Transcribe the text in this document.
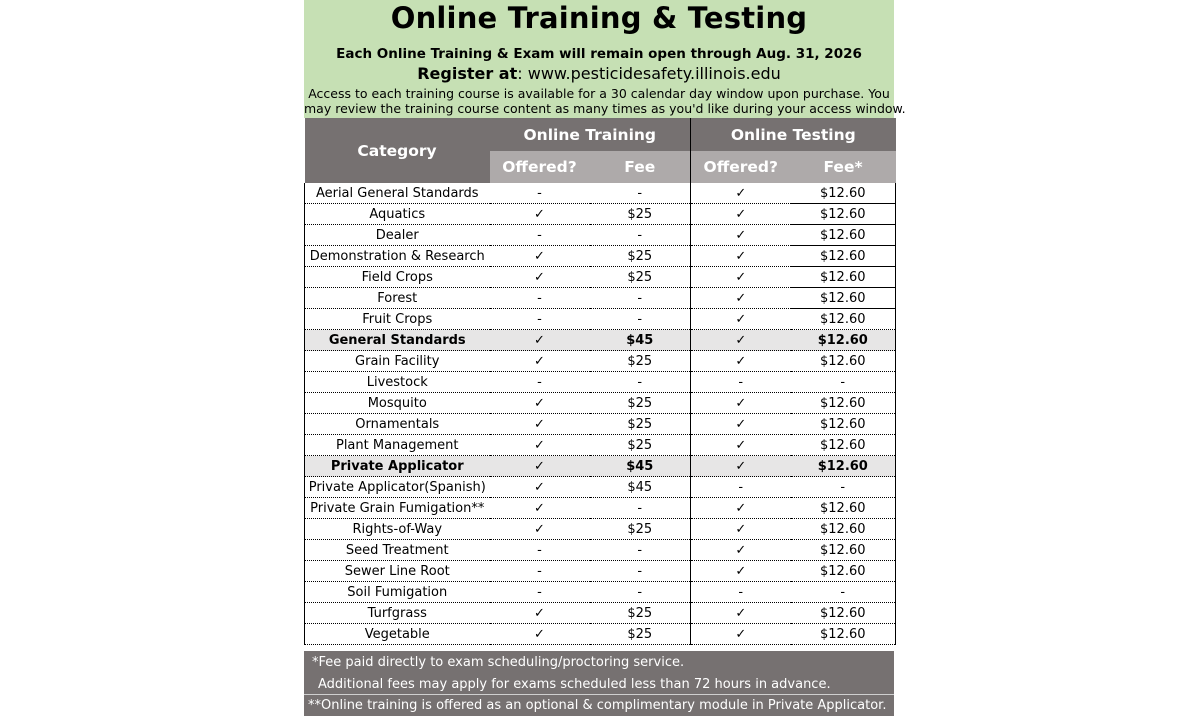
Online Training & Testing
Each Online Training & Exam will remain open through Aug. 31, 2026
Register at: www.pesticidesafety.illinois.edu
Access to each training course is available for a 30 calendar day window upon purchase. You
may review the training course content as many times as you'd like during your access window.
Category	Online Training		Online Testing	
	Offered?	Fee	Offered?	Fee*
Aerial General Standards	-	-	✓	$12.60
Aquatics	✓	$25	✓	$12.60
Dealer	-	-	✓	$12.60
Demonstration & Research	✓	$25	✓	$12.60
Field Crops	✓	$25	✓	$12.60
Forest	-	-	✓	$12.60
Fruit Crops	-	-	✓	$12.60
General Standards	✓	$45	✓	$12.60
Grain Facility	✓	$25	✓	$12.60
Livestock	-	-	-	-
Mosquito	✓	$25	✓	$12.60
Ornamentals	✓	$25	✓	$12.60
Plant Management	✓	$25	✓	$12.60
Private Applicator	✓	$45	✓	$12.60
Private Applicator(Spanish)	✓	$45	-	-
Private Grain Fumigation**	✓	-	✓	$12.60
Rights-of-Way	✓	$25	✓	$12.60
Seed Treatment	-	-	✓	$12.60
Sewer Line Root	-	-	✓	$12.60
Soil Fumigation	-	-	-	-
Turfgrass	✓	$25	✓	$12.60
Vegetable	✓	$25	✓	$12.60
*Fee paid directly to exam scheduling/proctoring service.
Additional fees may apply for exams scheduled less than 72 hours in advance.
**Online training is offered as an optional & complimentary module in Private Applicator.
